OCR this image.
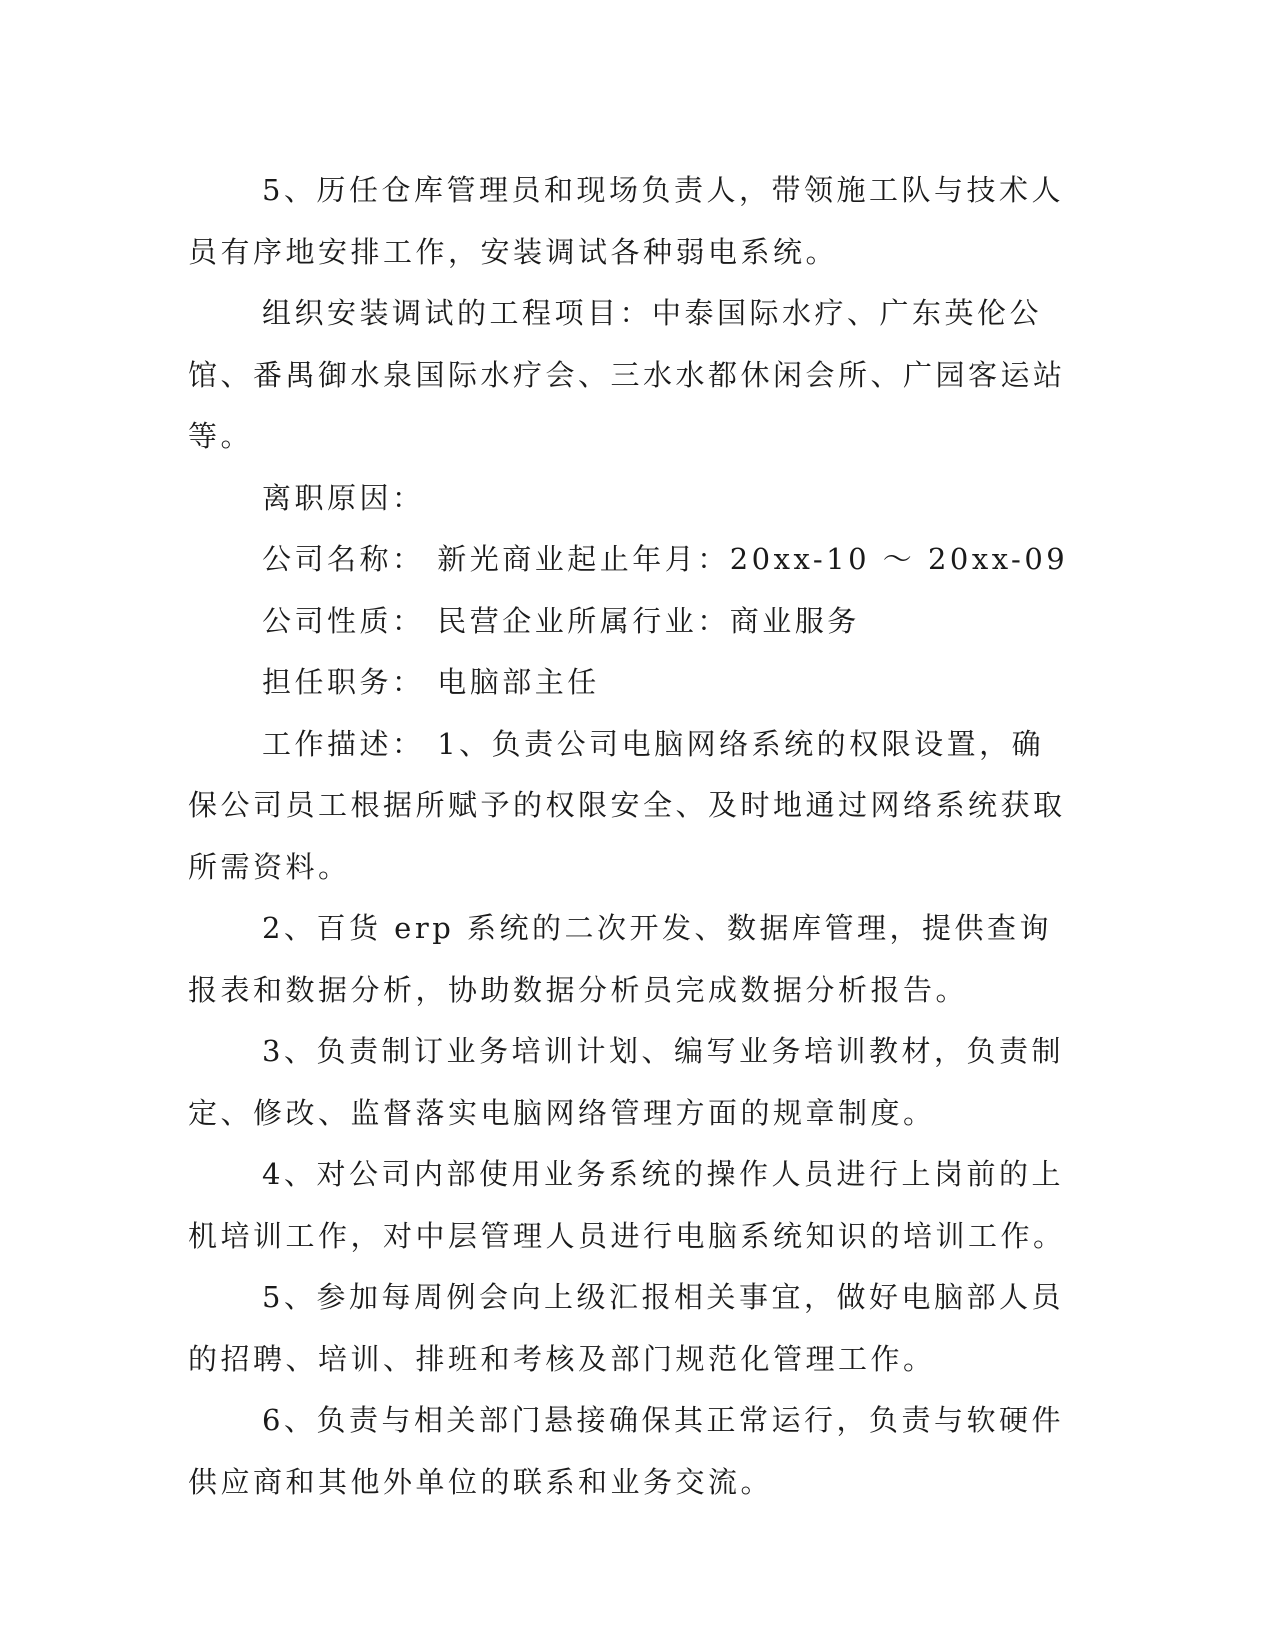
5、历任仓库管理员和现场负责人，带领施工队与技术人员有序地安排工作，安装调试各种弱电系统。

组织安装调试的工程项目：中泰国际水疗、广东英伦公馆、番禺御水泉国际水疗会、三水水都休闲会所、广园客运站等。

离职原因：

公司名称： 新光商业起止年月：20xx-10 ～ 20xx-09

公司性质： 民营企业所属行业：商业服务

担任职务： 电脑部主任

工作描述： 1、负责公司电脑网络系统的权限设置，确保公司员工根据所赋予的权限安全、及时地通过网络系统获取所需资料。

2、百货 erp 系统的二次开发、数据库管理，提供查询报表和数据分析，协助数据分析员完成数据分析报告。

3、负责制订业务培训计划、编写业务培训教材，负责制定、修改、监督落实电脑网络管理方面的规章制度。

4、对公司内部使用业务系统的操作人员进行上岗前的上机培训工作，对中层管理人员进行电脑系统知识的培训工作。

5、参加每周例会向上级汇报相关事宜，做好电脑部人员的招聘、培训、排班和考核及部门规范化管理工作。

6、负责与相关部门悬接确保其正常运行，负责与软硬件供应商和其他外单位的联系和业务交流。
